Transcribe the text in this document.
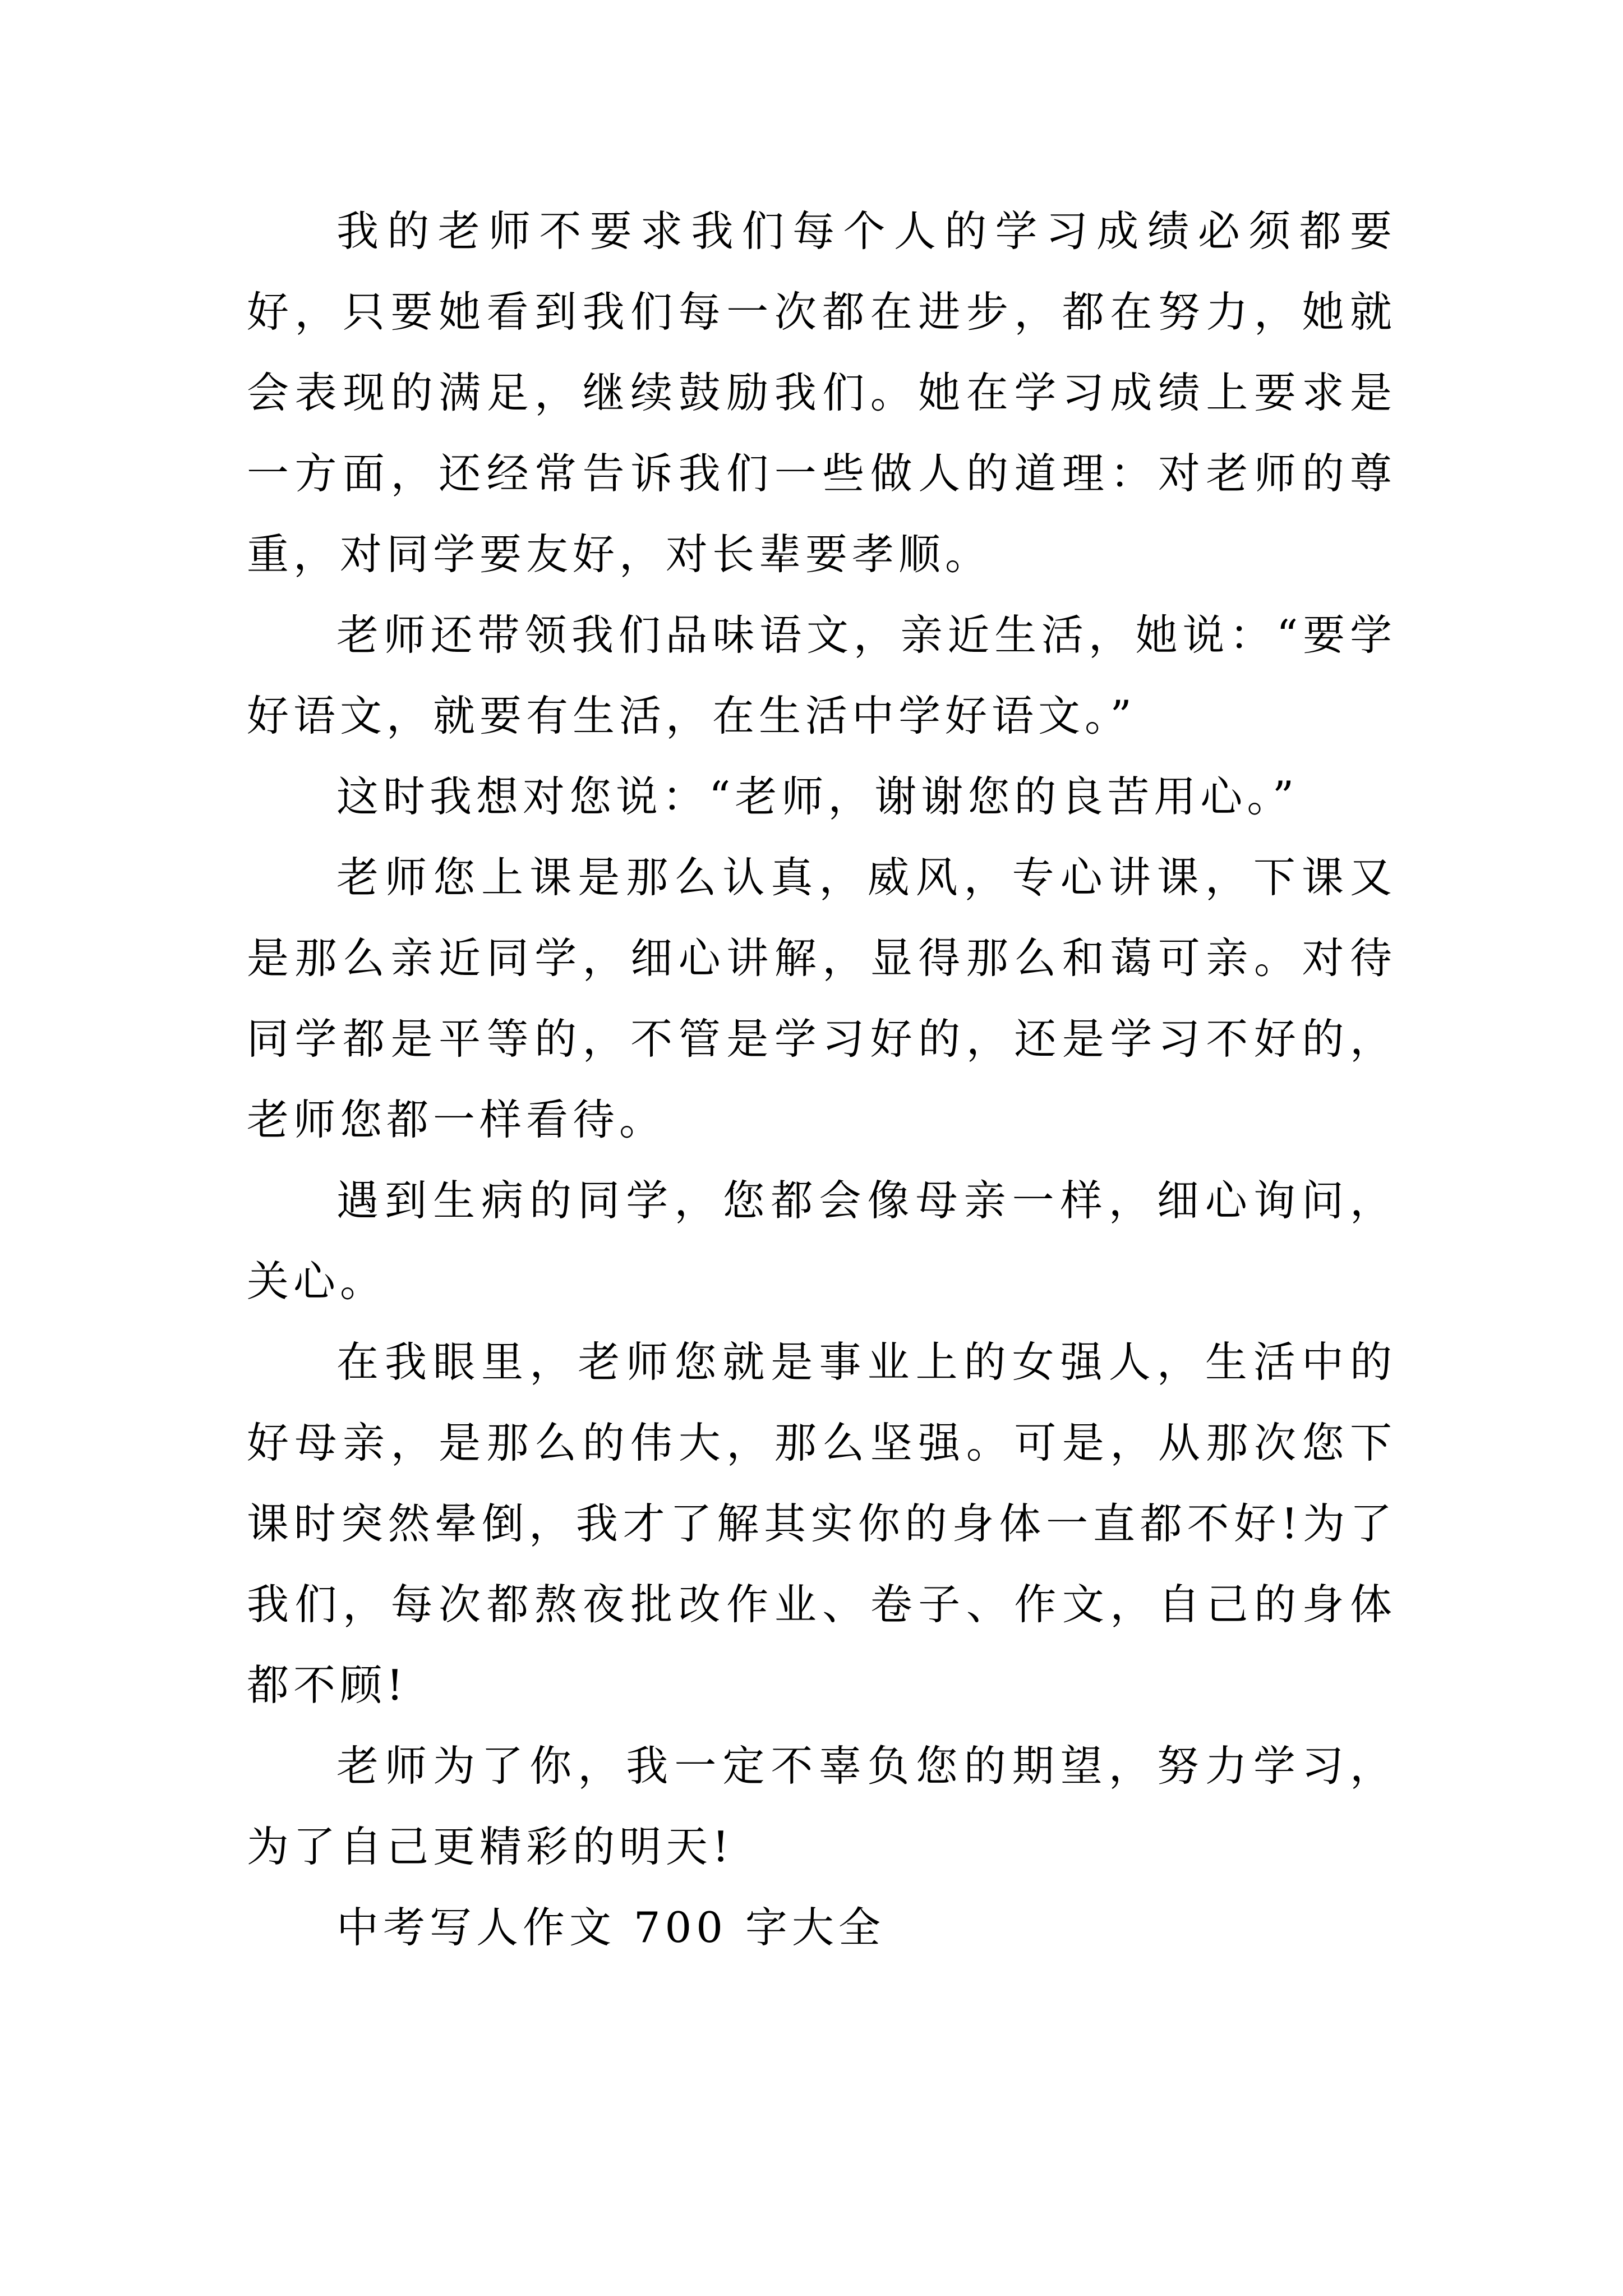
我的老师不要求我们每个人的学习成绩必须都要好，只要她看到我们每一次都在进步，都在努力，她就会表现的满足，继续鼓励我们。她在学习成绩上要求是一方面，还经常告诉我们一些做人的道理：对老师的尊重，对同学要友好，对长辈要孝顺。

老师还带领我们品味语文，亲近生活，她说：“要学好语文，就要有生活，在生活中学好语文。”

这时我想对您说：“老师，谢谢您的良苦用心。”

老师您上课是那么认真，威风，专心讲课，下课又是那么亲近同学，细心讲解，显得那么和蔼可亲。对待同学都是平等的，不管是学习好的，还是学习不好的，老师您都一样看待。

遇到生病的同学，您都会像母亲一样，细心询问，关心。

在我眼里，老师您就是事业上的女强人，生活中的好母亲，是那么的伟大，那么坚强。可是，从那次您下课时突然晕倒，我才了解其实你的身体一直都不好!为了我们，每次都熬夜批改作业、卷子、作文，自己的身体都不顾!

老师为了你，我一定不辜负您的期望，努力学习，为了自己更精彩的明天!

中考写人作文 700 字大全
